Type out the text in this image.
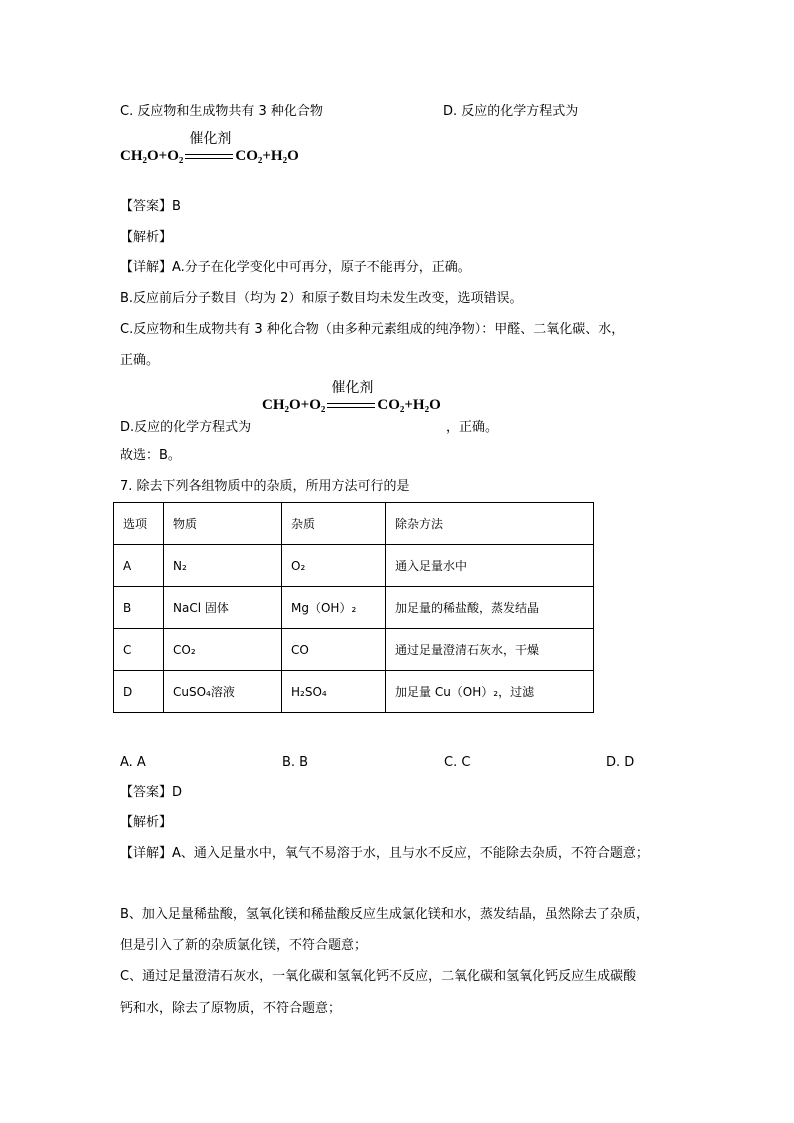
C. 反应物和生成物共有 3 种化合物	D. 反应的化学方程式为
CH₂O+O₂
催化剂
CO₂+H₂O
【答案】B
【解析】
【详解】A.分子在化学变化中可再分，原子不能再分，正确。
B.反应前后分子数目（均为 2）和原子数目均未发生改变，选项错误。
C.反应物和生成物共有 3 种化合物（由多种元素组成的纯净物）：甲醛、二氧化碳、水，
正确。
CH₂O+O₂
催化剂
CO₂+H₂O
D.反应的化学方程式为	，正确。
故选：B。
7. 除去下列各组物质中的杂质，所用方法可行的是
选项	物质	杂质	除杂方法
A	N₂	O₂	通入足量水中
B	NaCl 固体	Mg（OH）₂	加足量的稀盐酸，蒸发结晶
C	CO₂	CO	通过足量澄清石灰水，干燥
D	CuSO₄溶液	H₂SO₄	加足量 Cu（OH）₂，过滤
A. A	B. B	C. C	D. D
【答案】D
【解析】
【详解】A、通入足量水中，氧气不易溶于水，且与水不反应，不能除去杂质，不符合题意；
B、加入足量稀盐酸，氢氧化镁和稀盐酸反应生成氯化镁和水，蒸发结晶，虽然除去了杂质，
但是引入了新的杂质氯化镁，不符合题意；
C、通过足量澄清石灰水，一氧化碳和氢氧化钙不反应，二氧化碳和氢氧化钙反应生成碳酸
钙和水，除去了原物质，不符合题意；
